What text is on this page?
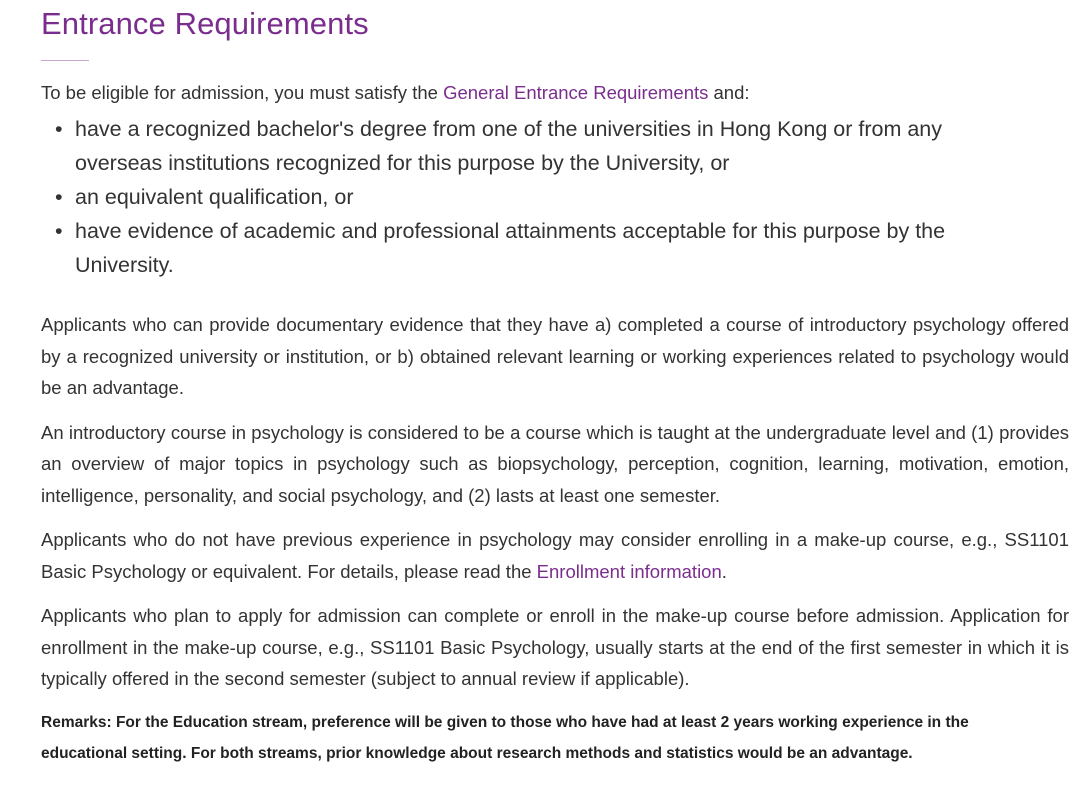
Entrance Requirements

To be eligible for admission, you must satisfy the General Entrance Requirements and:

• have a recognized bachelor's degree from one of the universities in Hong Kong or from any overseas institutions recognized for this purpose by the University, or
• an equivalent qualification, or
• have evidence of academic and professional attainments acceptable for this purpose by the University.

Applicants who can provide documentary evidence that they have a) completed a course of introductory psychology offered by a recognized university or institution, or b) obtained relevant learning or working experiences related to psychology would be an advantage.

An introductory course in psychology is considered to be a course which is taught at the undergraduate level and (1) provides an overview of major topics in psychology such as biopsychology, perception, cognition, learning, motivation, emotion, intelligence, personality, and social psychology, and (2) lasts at least one semester.

Applicants who do not have previous experience in psychology may consider enrolling in a make-up course, e.g., SS1101 Basic Psychology or equivalent. For details, please read the Enrollment information.

Applicants who plan to apply for admission can complete or enroll in the make-up course before admission. Application for enrollment in the make-up course, e.g., SS1101 Basic Psychology, usually starts at the end of the first semester in which it is typically offered in the second semester (subject to annual review if applicable).

Remarks: For the Education stream, preference will be given to those who have had at least 2 years working experience in the educational setting. For both streams, prior knowledge about research methods and statistics would be an advantage.
